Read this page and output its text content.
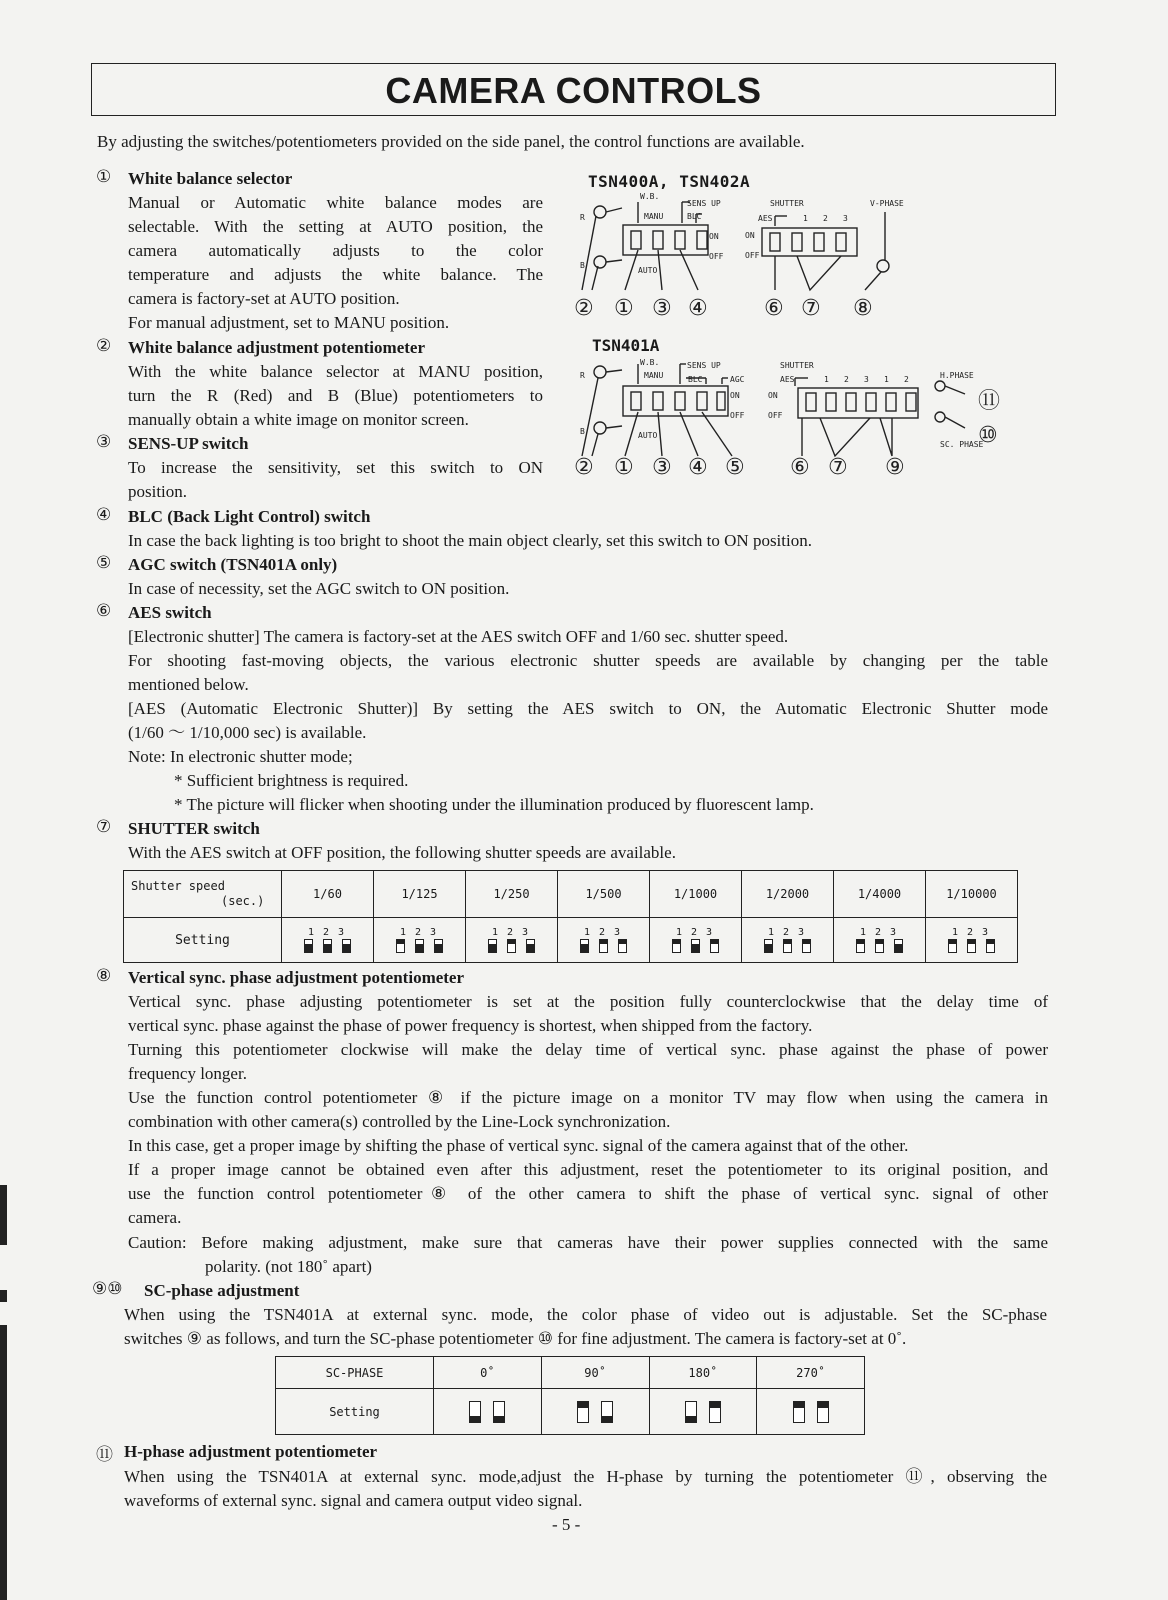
CAMERA CONTROLS
By adjusting the switches/potentiometers provided on the side panel, the control functions are available.
① White balance selector
Manual or Automatic white balance modes are
selectable. With the setting at AUTO position, the
camera automatically adjusts to the color
temperature and adjusts the white balance. The
camera is factory-set at AUTO position.
For manual adjustment, set to MANU position.
② White balance adjustment potentiometer
With the white balance selector at MANU position,
turn the R (Red) and B (Blue) potentiometers to
manually obtain a white image on monitor screen.
③ SENS-UP switch
To increase the sensitivity, set this switch to ON
position.
④ BLC (Back Light Control) switch
In case the back lighting is too bright to shoot the main object clearly, set this switch to ON position.
⑤ AGC switch (TSN401A only)
In case of necessity, set the AGC switch to ON position.
⑥ AES switch
[Electronic shutter] The camera is factory-set at the AES switch OFF and 1/60 sec. shutter speed.
For shooting fast-moving objects, the various electronic shutter speeds are available by changing per the table
mentioned below.
[AES (Automatic Electronic Shutter)] By setting the AES switch to ON, the Automatic Electronic Shutter mode
(1/60 ～ 1/10,000 sec) is available.
Note: In electronic shutter mode;
* Sufficient brightness is required.
* The picture will flicker when shooting under the illumination produced by fluorescent lamp.
⑦ SHUTTER switch
With the AES switch at OFF position, the following shutter speeds are available.
Shutter speed
(sec.)	1/60	1/125	1/250	1/500	1/1000	1/2000	1/4000	1/10000
Setting	123	123	123	123	123	123	123	123
⑧ Vertical sync. phase adjustment potentiometer
Vertical sync. phase adjusting potentiometer is set at the position fully counterclockwise that the delay time of
vertical sync. phase against the phase of power frequency is shortest, when shipped from the factory.
Turning this potentiometer clockwise will make the delay time of vertical sync. phase against the phase of power
frequency longer.
Use the function control potentiometer ⑧ if the picture image on a monitor TV may flow when using the camera in
combination with other camera(s) controlled by the Line-Lock synchronization.
In this case, get a proper image by shifting the phase of vertical sync. signal of the camera against that of the other.
If a proper image cannot be obtained even after this adjustment, reset the potentiometer to its original position, and
use the function control potentiometer⑧ of the other camera to shift the phase of vertical sync. signal of other
camera.
Caution: Before making adjustment, make sure that cameras have their power supplies connected with the same
polarity. (not 180˚ apart)
⑨⑩ SC-phase adjustment
When using the TSN401A at external sync. mode, the color phase of video out is adjustable. Set the SC-phase
switches ⑨ as follows, and turn the SC-phase potentiometer ⑩ for fine adjustment. The camera is factory-set at 0˚.
SC-PHASE	0˚	90˚	180˚	270˚
Setting				
⑪ H-phase adjustment potentiometer
When using the TSN401A at external sync. mode,adjust the H-phase by turning the potentiometer ⑪, observing the
waveforms of external sync. signal and camera output video signal.
- 5 -
TSN400A, TSN402A
W.B.
MANU
AUTO
R
B
SENS UP
BLC
ON
OFF
SHUTTER
AES
ON
OFF
1 2 3
V-PHASE
② ① ③ ④	⑥ ⑦ ⑧
TSN401A
W.B.
MANU
AUTO
R
B
SENS UP
BLC	AGC
ON
OFF
SHUTTER
AES
ON
OFF
1 2 3 1 2	H.PHASE
SC. PHASE
② ① ③ ④ ⑤ ⑥ ⑦ ⑨
⑪
⑩
